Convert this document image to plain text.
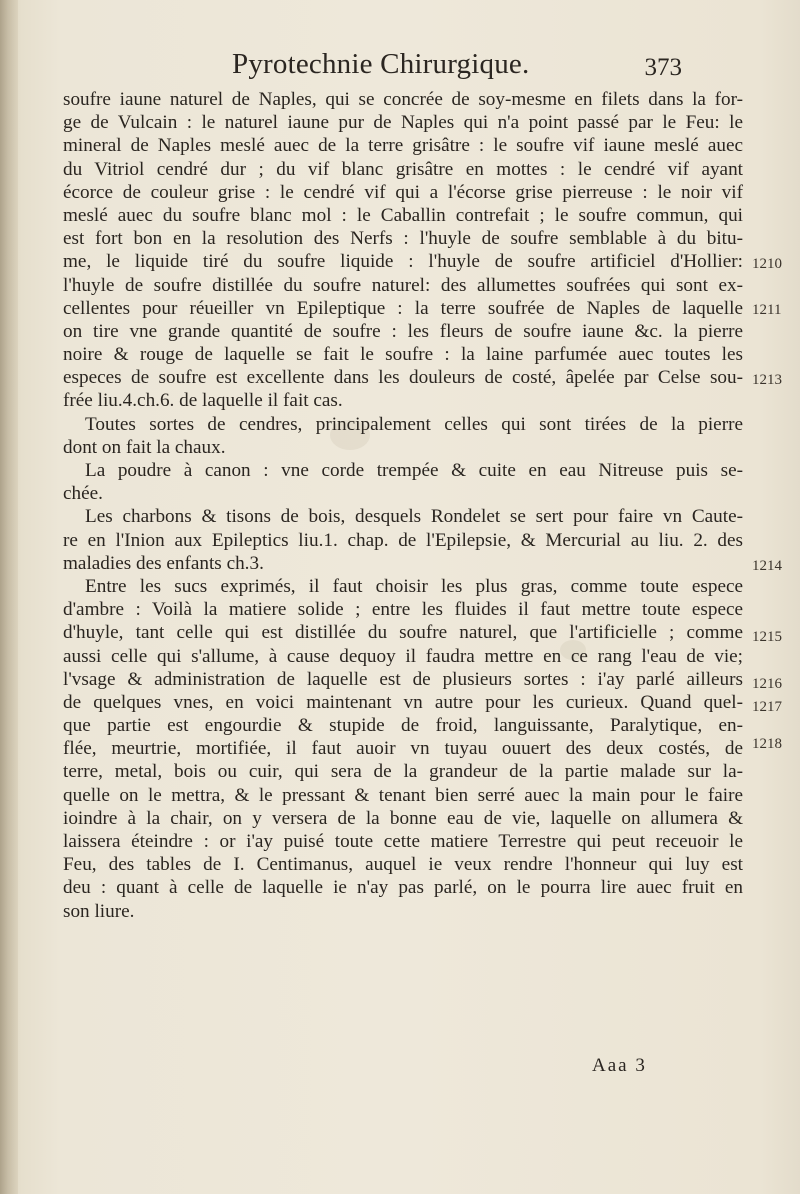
Pyrotechnie Chirurgique.	373
soufre iaune naturel de Naples, qui se concrée de soy-mesme en filets dans la for-
ge de Vulcain : le naturel iaune pur de Naples qui n'a point passé par le Feu: le
mineral de Naples meslé auec de la terre grisâtre : le soufre vif iaune meslé auec
du Vitriol cendré dur ; du vif blanc grisâtre en mottes : le cendré vif ayant
écorce de couleur grise : le cendré vif qui a l'écorse grise pierreuse : le noir vif
meslé auec du soufre blanc mol : le Caballin contrefait ; le soufre commun, qui
est fort bon en la resolution des Nerfs : l'huyle de soufre semblable à du bitu-
me, le liquide tiré du soufre liquide : l'huyle de soufre artificiel d'Hollier:
l'huyle de soufre distillée du soufre naturel: des allumettes soufrées qui sont ex-
cellentes pour réueiller vn Epileptique : la terre soufrée de Naples de laquelle
on tire vne grande quantité de soufre : les fleurs de soufre iaune &c. la pierre
noire & rouge de laquelle se fait le soufre : la laine parfumée auec toutes les
especes de soufre est excellente dans les douleurs de costé, âpelée par Celse sou-
frée liu.4.ch.6. de laquelle il fait cas.
Toutes sortes de cendres, principalement celles qui sont tirées de la pierre
dont on fait la chaux.
La poudre à canon : vne corde trempée & cuite en eau Nitreuse puis se-
chée.
Les charbons & tisons de bois, desquels Rondelet se sert pour faire vn Caute-
re en l'Inion aux Epileptics liu.1. chap. de l'Epilepsie, & Mercurial au liu. 2. des
maladies des enfants ch.3.
Entre les sucs exprimés, il faut choisir les plus gras, comme toute espece
d'ambre : Voilà la matiere solide ; entre les fluides il faut mettre toute espece
d'huyle, tant celle qui est distillée du soufre naturel, que l'artificielle ; comme
aussi celle qui s'allume, à cause dequoy il faudra mettre en ce rang l'eau de vie;
l'vsage & administration de laquelle est de plusieurs sortes : i'ay parlé ailleurs
de quelques vnes, en voici maintenant vn autre pour les curieux. Quand quel-
que partie est engourdie & stupide de froid, languissante, Paralytique, en-
flée, meurtrie, mortifiée, il faut auoir vn tuyau ouuert des deux costés, de
terre, metal, bois ou cuir, qui sera de la grandeur de la partie malade sur la-
quelle on le mettra, & le pressant & tenant bien serré auec la main pour le faire
ioindre à la chair, on y versera de la bonne eau de vie, laquelle on allumera &
laissera éteindre : or i'ay puisé toute cette matiere Terrestre qui peut receuoir le
Feu, des tables de I. Centimanus, auquel ie veux rendre l'honneur qui luy est
deu : quant à celle de laquelle ie n'ay pas parlé, on le pourra lire auec fruit en
son liure.
1210
1211
1213
1214
1215
1216
1217
1218
Aaa 3
